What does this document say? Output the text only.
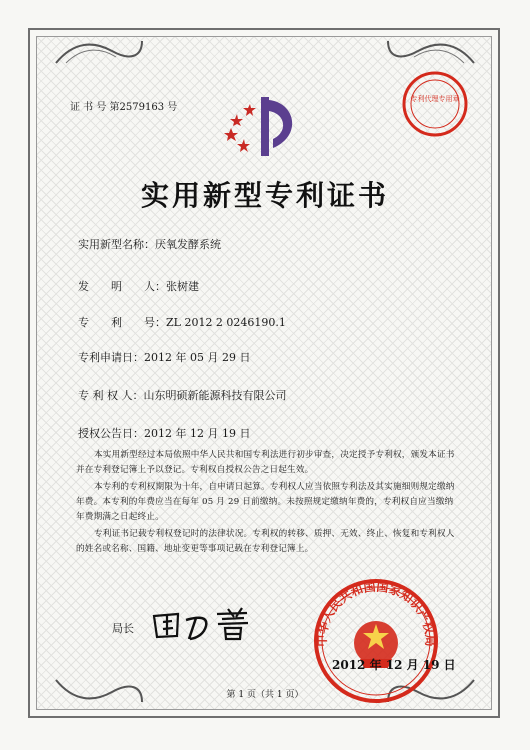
证 书 号 第2579163 号
专利代理专用章
实用新型专利证书
实用新型名称：厌氧发酵系统
发　　明　　人：张树建
专　　利　　号：ZL 2012 2 0246190.1
专利申请日：2012 年 05 月 29 日
专 利 权 人：山东明硕新能源科技有限公司
授权公告日：2012 年 12 月 19 日
本实用新型经过本局依照中华人民共和国专利法进行初步审查，决定授予专利权，颁发本证书并在专利登记簿上予以登记。专利权自授权公告之日起生效。
本专利的专利权期限为十年，自申请日起算。专利权人应当依照专利法及其实施细则规定缴纳年费。本专利的年费应当在每年 05 月 29 日前缴纳。未按照规定缴纳年费的，专利权自应当缴纳年费期满之日起终止。
专利证书记载专利权登记时的法律状况。专利权的转移、质押、无效、终止、恢复和专利权人的姓名或名称、国籍、地址变更等事项记载在专利登记簿上。
局长
中华人民共和国国家知识产权局
2012 年 12 月 19 日
第 1 页（共 1 页）
